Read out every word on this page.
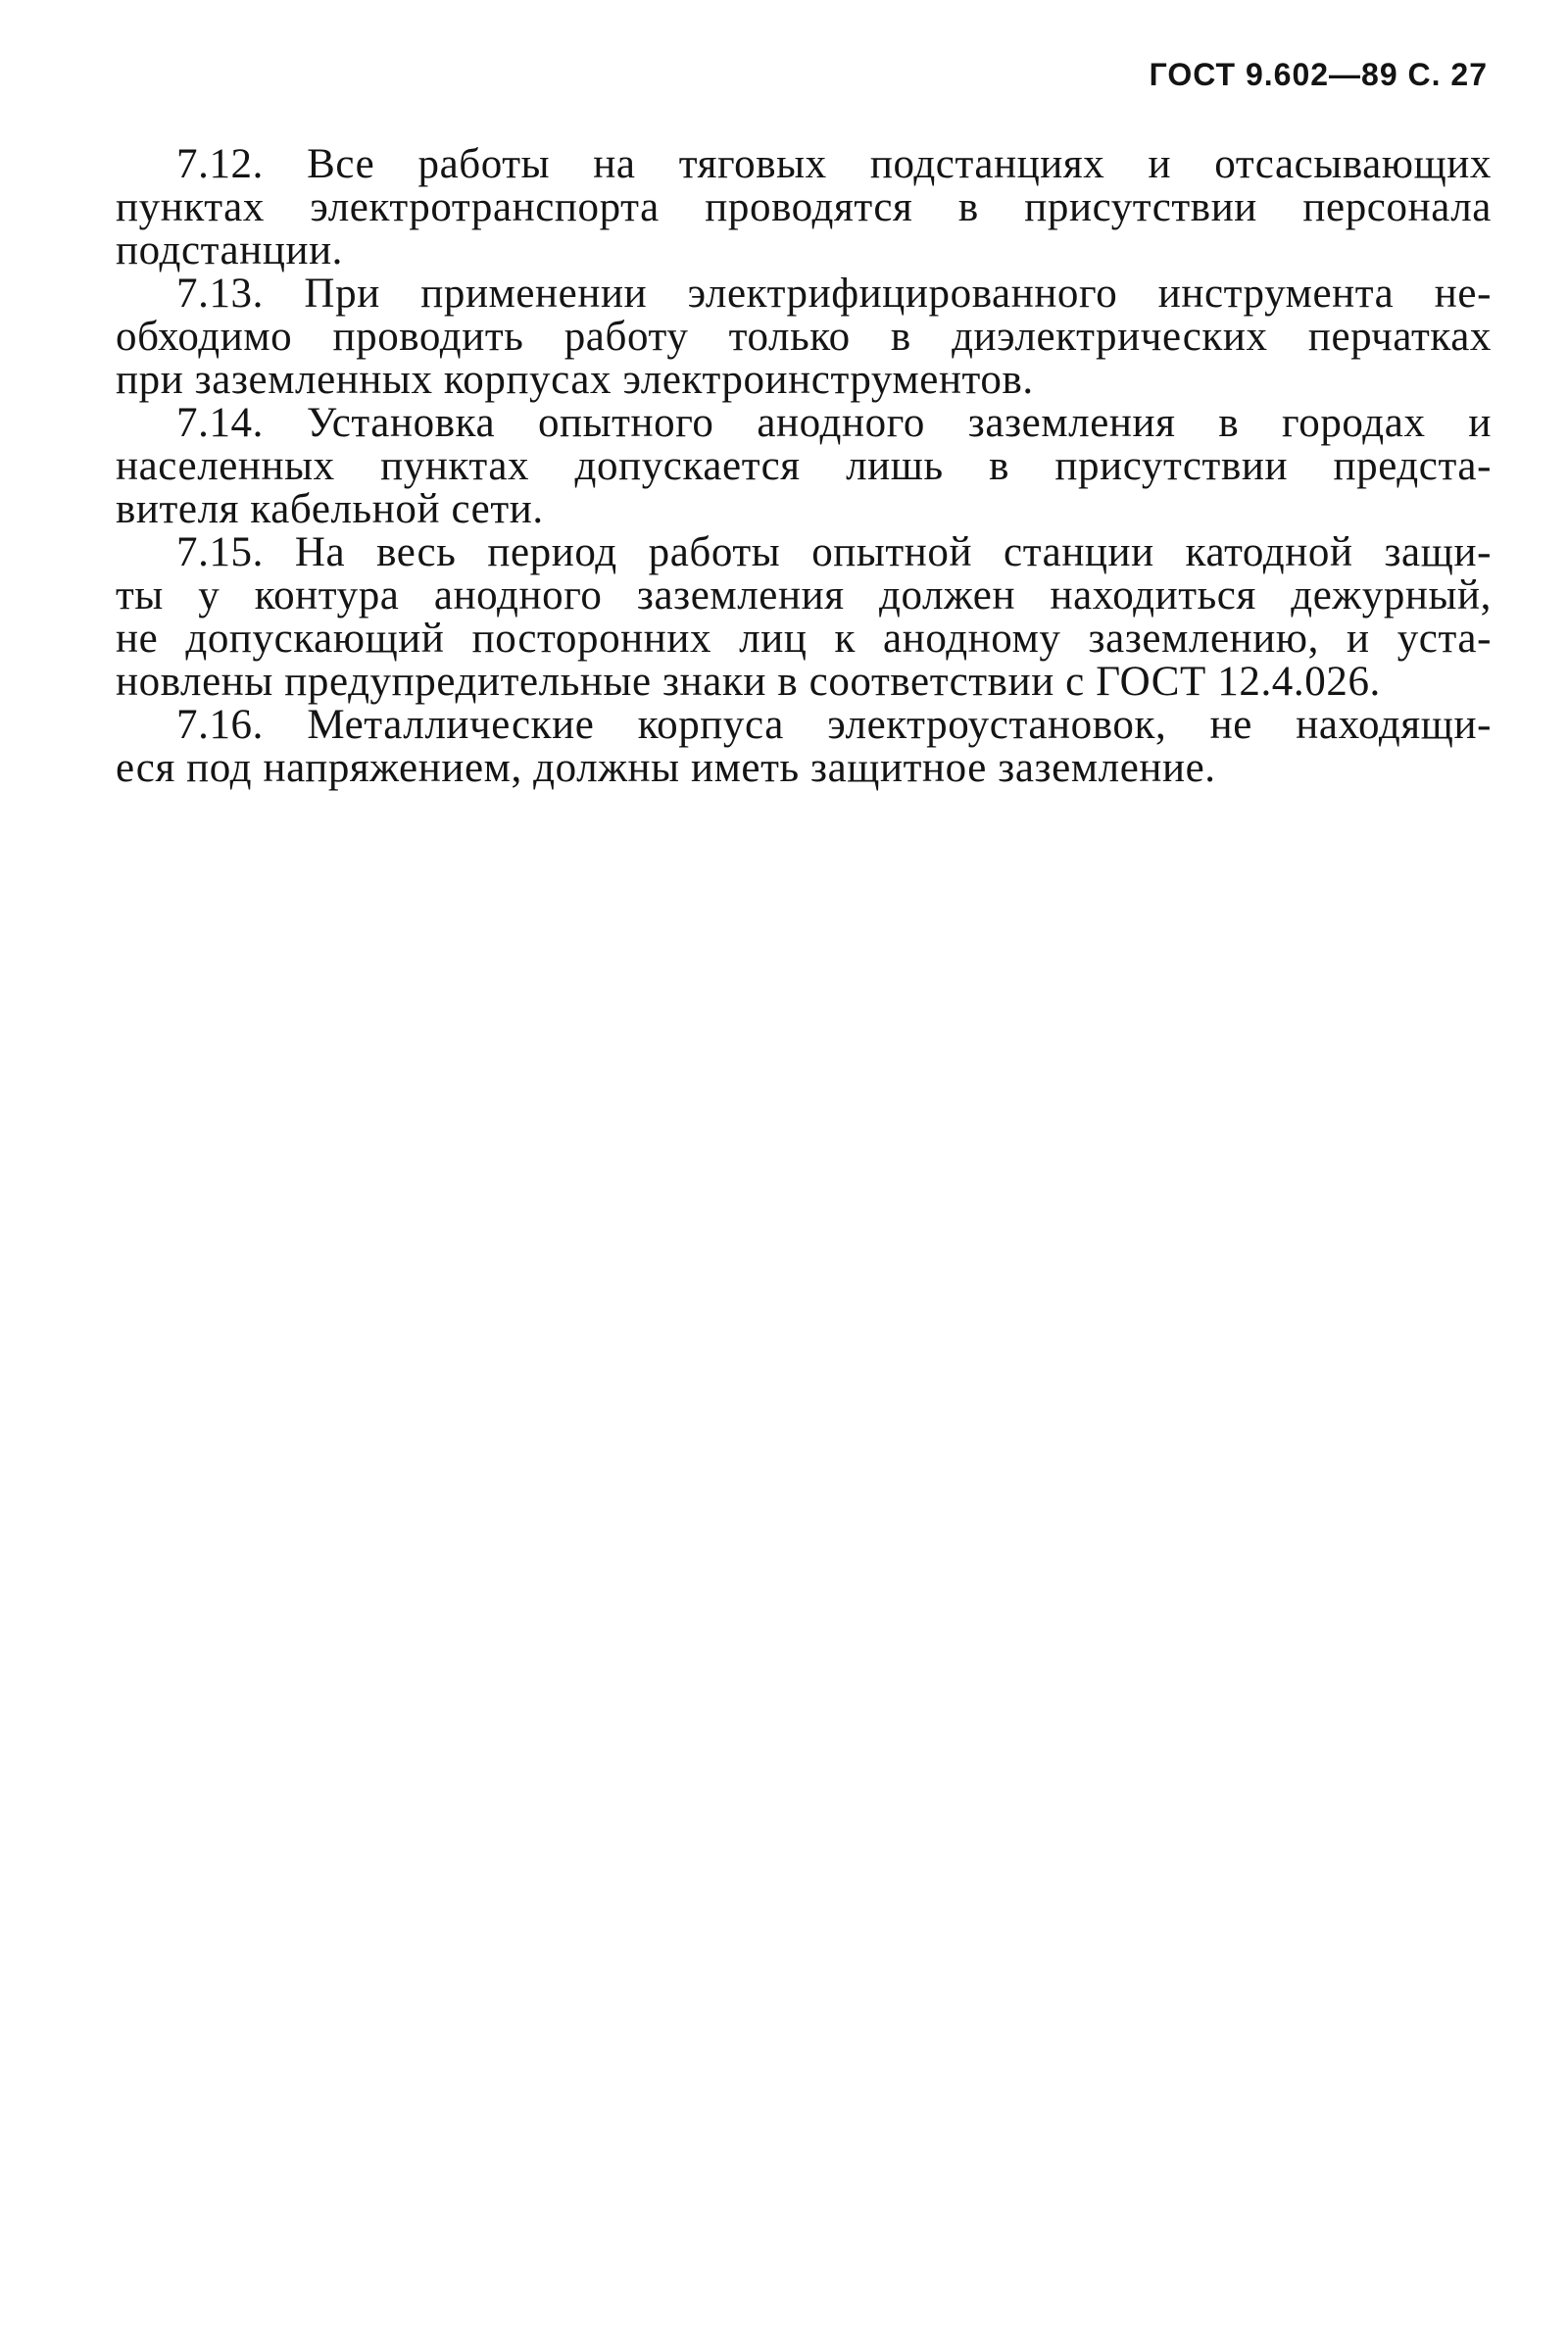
ГОСТ 9.602—89 С. 27
7.12. Все работы на тяговых подстанциях и отсасывающих
пунктах электротранспорта проводятся в присутствии персонала
подстанции.
7.13. При применении электрифицированного инструмента не-
обходимо проводить работу только в диэлектрических перчатках
при заземленных корпусах электроинструментов.
7.14. Установка опытного анодного заземления в городах и
населенных пунктах допускается лишь в присутствии предста-
вителя кабельной сети.
7.15. На весь период работы опытной станции катодной защи-
ты у контура анодного заземления должен находиться дежурный,
не допускающий посторонних лиц к анодному заземлению, и уста-
новлены предупредительные знаки в соответствии с ГОСТ 12.4.026.
7.16. Металлические корпуса электроустановок, не находящи-
еся под напряжением, должны иметь защитное заземление.
